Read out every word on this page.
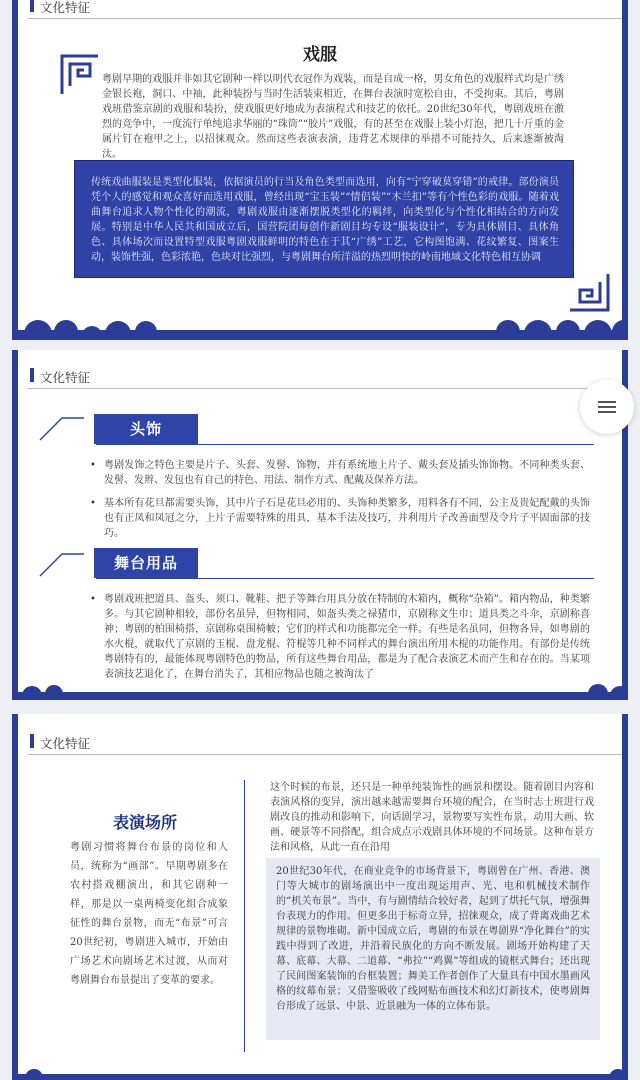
文化特征
戏服
粤剧早期的戏服并非如其它剧种一样以明代衣冠作为戏装，而是自成一格，男女角色的戏服样式均是广绣金银长袍，洞口、中袖，此种装扮与当时生活装束相近，在舞台表演时宽松自由，不受拘束。其后，粤剧戏班借鉴京剧的戏服和装扮，使戏服更好地成为表演程式和技艺的依托。20世纪30年代，粤剧戏班在激烈的竞争中，一度流行单纯追求华丽的“珠筒”“胶片”戏服，有的甚至在戏服上装小灯泡，把几十斤重的金属片钉在袍甲之上，以招徕观众。然而这些表演表演，违背艺术规律的举措不可能持久，后来逐渐被淘汰。
传统戏曲服装是类型化服装，依据演员的行当及角色类型而选用，向有“宁穿破莫穿错”的戒律。部份演员凭个人的感觉和观众喜好而选用戏服，曾经出现“宝玉装”“情侣装”“木兰扣”等有个性色彩的戏服。随着戏曲舞台追求人物个性化的潮流，粤剧戏服由逐渐摆脱类型化的羁绊，向类型化与个性化相结合的方向发展。特别是中华人民共和国成立后，国营院团每创作新剧目均专设“服装设计”，专为具体剧目、具体角色、具体场次而设置特型戏服粤剧戏服鲜明的特色在于其“广绣”工艺，它构图饱满、花纹繁复、图案生动，装饰性强，色彩浓艳，色块对比强烈，与粤剧舞台所洋溢的热烈明快的岭南地域文化特色相互协调
文化特征
头饰
• 粤剧发饰之特色主要是片子、头套、发髻、饰物，并有系统地上片子、戴头套及插头饰饰物。不同种类头套、发髻、发辫、发包也有自己的特色、用法、制作方式、配戴及保养方法。
• 基本所有花旦都需要头饰，其中片子石是花旦必用的、头饰种类繁多，用料各有不同，公主及贵妃配戴的头饰也有正凤和凤冠之分，上片子需要特殊的用具，基本手法及技巧，并利用片子改善面型及令片子平固面部的技巧。
舞台用品
• 粤剧戏班把道具、盔头、须口、靴鞋、把子等舞台用具分放在特制的木箱内，概称“杂箱”。箱内物品，种类繁多。与其它剧种相较，部份名虽异，但物相同，如盔头类之禄猪巾，京剧称文生巾；道具类之斗伞，京剧称喜神；粤剧的柏围椅搭，京剧称桌围椅帔；它们的样式和功能都完全一样。有些是名虽同，但物各异，如粤剧的水火棍，就取代了京剧的玉棍、盘龙棍、符棍等几种不同样式的舞台演出所用木棍的功能作用。有部份是传统粤剧特有的，最能体现粤剧特色的物品，所有这些舞台用品，都是为了配合表演艺术而产生和存在的。当某项表演技艺退化了，在舞台消失了，其相应物品也随之被淘汰了
文化特征
表演场所
粤剧习惯将舞台布景的岗位和人员，统称为“画部”。早期粤剧多在农村搭戏棚演出，和其它剧种一样，那是以一桌两椅变化组合成象征性的舞台景物，而无“布景”可言20世纪初，粤剧进入城市，开始由广场艺术向剧场艺术过渡，从而对粤剧舞台布景提出了变革的要求。
这个时候的布景，还只是一种单纯装饰性的画景和摆设。随着剧目内容和表演风格的变异，演出越来越需要舞台环境的配合，在当时志士班进行戏剧改良的推动和影响下，向话剧学习，景物要写实性布景，动用大画、软画、硬景等不同搭配，组合成点示戏剧具体环境的不同场景。这种布景方法和风格，从此一直在沿用
20世纪30年代，在商业竞争的市场背景下，粤剧曾在广州、香港、澳门等大城市的剧场演出中一度出现运用声、光、电和机械技术制作的“机关布景”。当中，有与剧情结合较好者，起到了烘托气氛，增强舞台表现力的作用。但更多出于标奇立异，招徕观众，成了背离戏曲艺术规律的景物堆砌。新中国成立后，粤剧的布景在粤剧界“净化舞台”的实践中得到了改进，并沿着民族化的方向不断发展。剧场开始构建了天幕、底幕、大幕、二道幕、“弗拉”“鸡翼”等组成的镜框式舞台；还出现了民间图案装饰的台框装置；舞美工作者创作了大量具有中国水墨画风格的纹幕布景；又借鉴吸收了线网贴布画技术和幻灯新技术，使粤剧舞台形成了远景、中景、近景融为一体的立体布景。
